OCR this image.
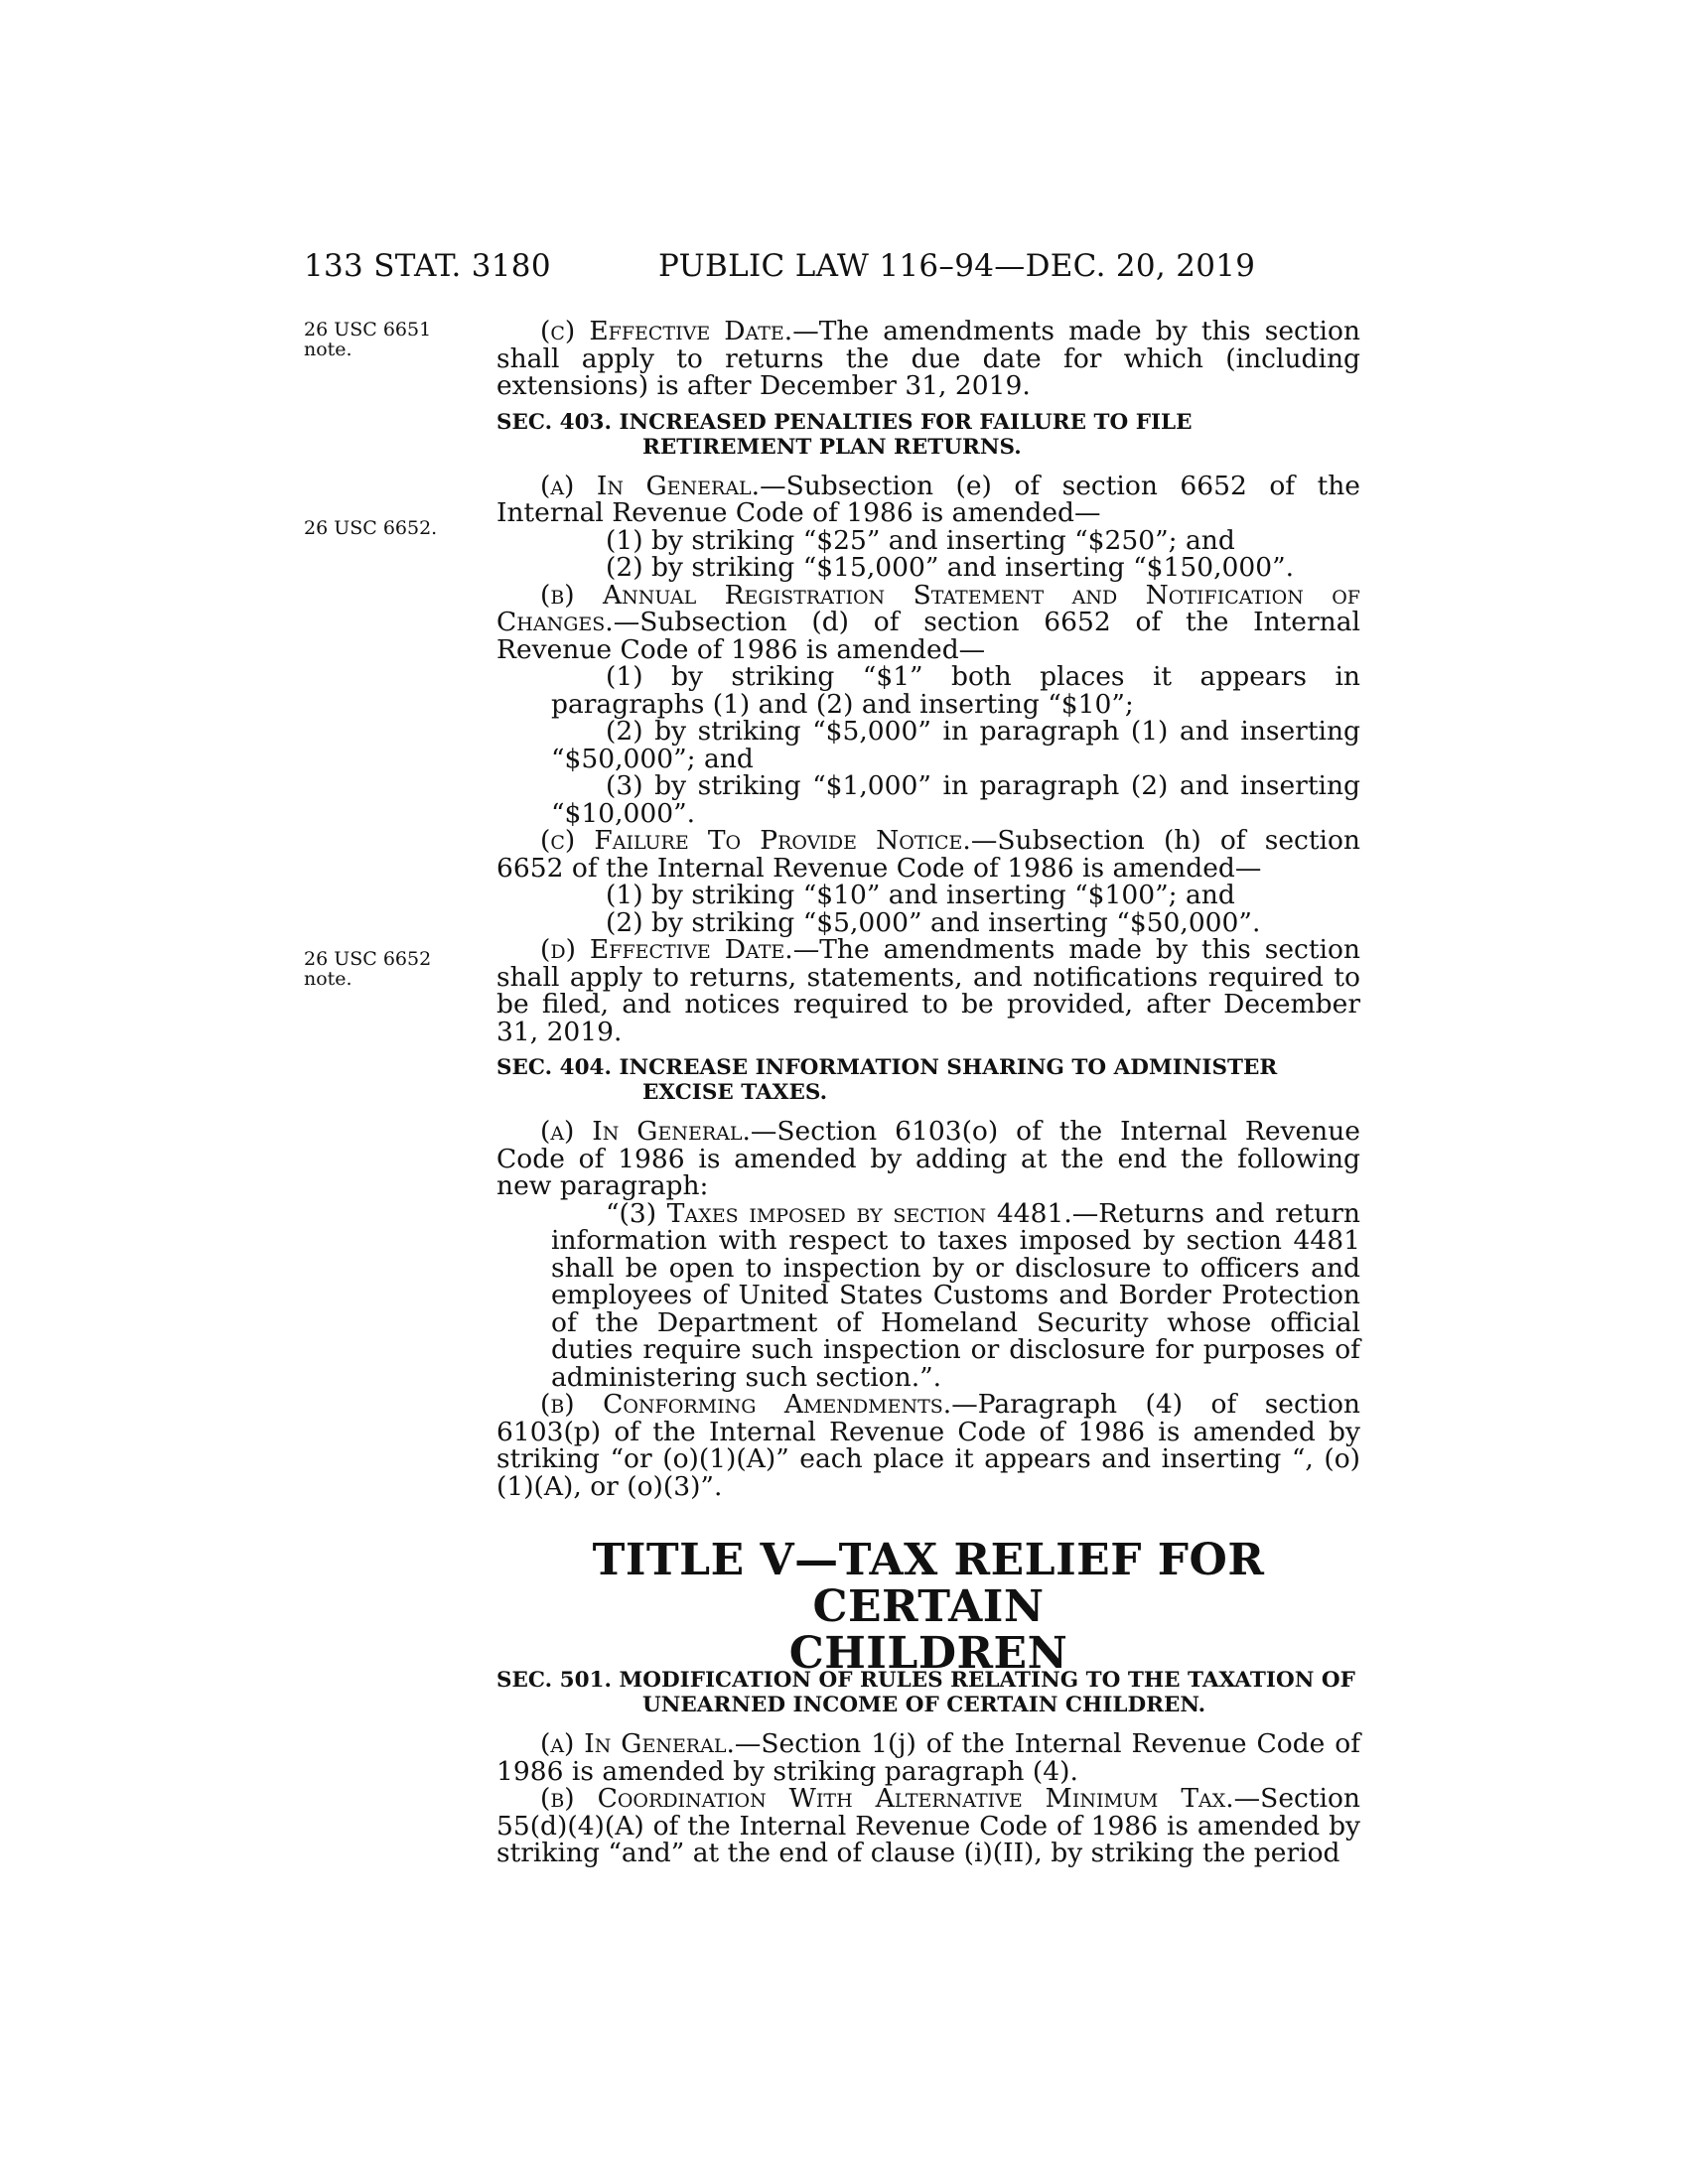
133 STAT. 3180	PUBLIC LAW 116–94—DEC. 20, 2019
26 USC 6651 note.
26 USC 6652.
26 USC 6652 note.

(c) Effective Date.—The amendments made by this section shall apply to returns the due date for which (including extensions) is after December 31, 2019.

SEC. 403. INCREASED PENALTIES FOR FAILURE TO FILE RETIREMENT PLAN RETURNS.

(a) In General.—Subsection (e) of section 6652 of the Internal Revenue Code of 1986 is amended—

(1) by striking “$25” and inserting “$250”; and

(2) by striking “$15,000” and inserting “$150,000”.

(b) Annual Registration Statement and Notification of Changes.—Subsection (d) of section 6652 of the Internal Revenue Code of 1986 is amended—

(1) by striking “$1” both places it appears in paragraphs (1) and (2) and inserting “$10”;

(2) by striking “$5,000” in paragraph (1) and inserting “$50,000”; and

(3) by striking “$1,000” in paragraph (2) and inserting “$10,000”.

(c) Failure To Provide Notice.—Subsection (h) of section 6652 of the Internal Revenue Code of 1986 is amended—

(1) by striking “$10” and inserting “$100”; and

(2) by striking “$5,000” and inserting “$50,000”.

(d) Effective Date.—The amendments made by this section shall apply to returns, statements, and notifications required to be filed, and notices required to be provided, after December 31, 2019.

SEC. 404. INCREASE INFORMATION SHARING TO ADMINISTER EXCISE TAXES.

(a) In General.—Section 6103(o) of the Internal Revenue Code of 1986 is amended by adding at the end the following new paragraph:

“(3) Taxes imposed by section 4481.—Returns and return information with respect to taxes imposed by section 4481 shall be open to inspection by or disclosure to officers and employees of United States Customs and Border Protection of the Department of Homeland Security whose official duties require such inspection or disclosure for purposes of administering such section.”.

(b) Conforming Amendments.—Paragraph (4) of section 6103(p) of the Internal Revenue Code of 1986 is amended by striking “or (o)(1)(A)” each place it appears and inserting “, (o)(1)(A), or (o)(3)”.

TITLE V—TAX RELIEF FOR CERTAIN
CHILDREN

SEC. 501. MODIFICATION OF RULES RELATING TO THE TAXATION OF UNEARNED INCOME OF CERTAIN CHILDREN.

(a) In General.—Section 1(j) of the Internal Revenue Code of 1986 is amended by striking paragraph (4).

(b) Coordination With Alternative Minimum Tax.—Section 55(d)(4)(A) of the Internal Revenue Code of 1986 is amended by striking “and” at the end of clause (i)(II), by striking the period
